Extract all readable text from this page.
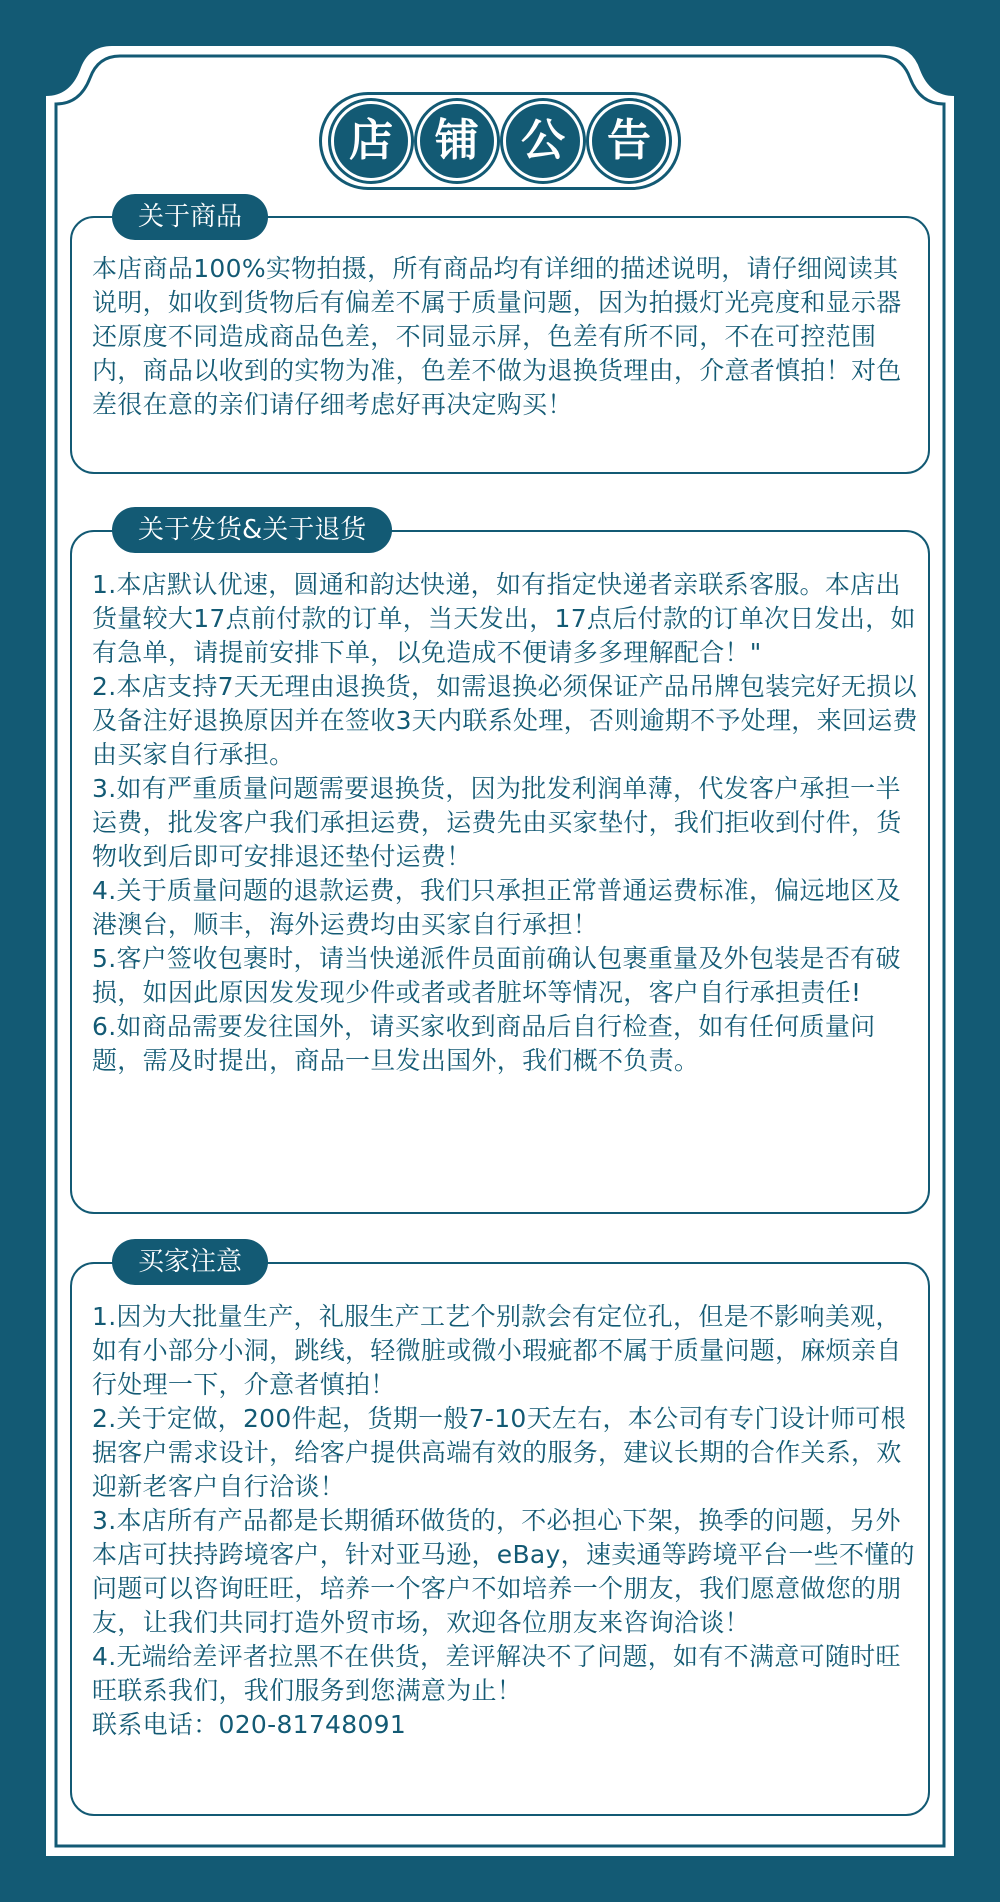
店 铺 公 告
关于商品

本店商品100%实物拍摄，所有商品均有详细的描述说明，请仔细阅读其说明，如收到货物后有偏差不属于质量问题，因为拍摄灯光亮度和显示器还原度不同造成商品色差，不同显示屏，色差有所不同，不在可控范围内，商品以收到的实物为准，色差不做为退换货理由，介意者慎拍！对色差很在意的亲们请仔细考虑好再决定购买！

关于发货&关于退货

1.本店默认优速，圆通和韵达快递，如有指定快递者亲联系客服。本店出货量较大17点前付款的订单，当天发出，17点后付款的订单次日发出，如有急单，请提前安排下单，以免造成不便请多多理解配合！"

2.本店支持7天无理由退换货，如需退换必须保证产品吊牌包装完好无损以及备注好退换原因并在签收3天内联系处理，否则逾期不予处理，来回运费由买家自行承担。

3.如有严重质量问题需要退换货，因为批发利润单薄，代发客户承担一半运费，批发客户我们承担运费，运费先由买家垫付，我们拒收到付件，货物收到后即可安排退还垫付运费！

4.关于质量问题的退款运费，我们只承担正常普通运费标准，偏远地区及港澳台，顺丰，海外运费均由买家自行承担！

5.客户签收包裹时，请当快递派件员面前确认包裹重量及外包装是否有破损，如因此原因发发现少件或者或者脏坏等情况，客户自行承担责任!

6.如商品需要发往国外，请买家收到商品后自行检查，如有任何质量问题，需及时提出，商品一旦发出国外，我们概不负责。

买家注意

1.因为大批量生产，礼服生产工艺个别款会有定位孔，但是不影响美观，如有小部分小洞，跳线，轻微脏或微小瑕疵都不属于质量问题，麻烦亲自行处理一下，介意者慎拍！

2.关于定做，200件起，货期一般7-10天左右，本公司有专门设计师可根据客户需求设计，给客户提供高端有效的服务，建议长期的合作关系，欢迎新老客户自行洽谈！

3.本店所有产品都是长期循环做货的，不必担心下架，换季的问题，另外本店可扶持跨境客户，针对亚马逊，eBay，速卖通等跨境平台一些不懂的问题可以咨询旺旺，培养一个客户不如培养一个朋友，我们愿意做您的朋友，让我们共同打造外贸市场，欢迎各位朋友来咨询洽谈！

4.无端给差评者拉黑不在供货，差评解决不了问题，如有不满意可随时旺旺联系我们，我们服务到您满意为止！

联系电话：020-81748091
